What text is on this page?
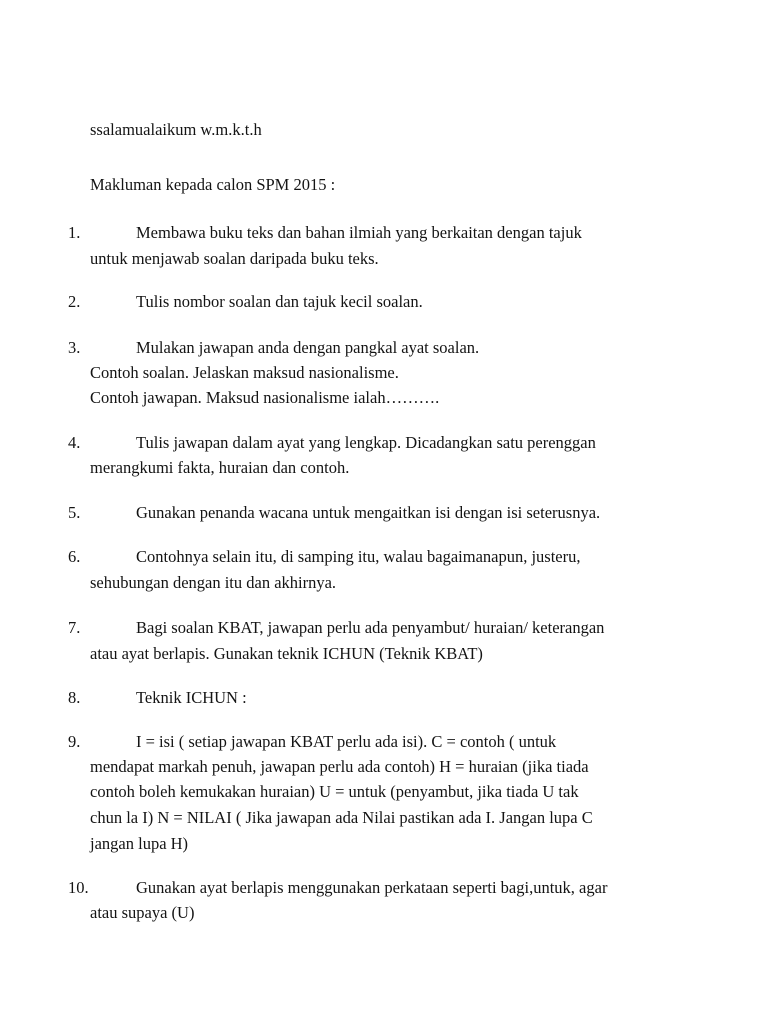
ssalamualaikum w.m.k.t.h
Makluman kepada calon SPM 2015 :
1.	Membawa buku teks dan bahan ilmiah yang berkaitan dengan tajuk
untuk menjawab soalan daripada buku teks.
2.	Tulis nombor soalan dan tajuk kecil soalan.
3.	Mulakan jawapan anda dengan pangkal ayat soalan.
Contoh soalan. Jelaskan maksud nasionalisme.
Contoh jawapan. Maksud nasionalisme ialah……….
4.	Tulis jawapan dalam ayat yang lengkap. Dicadangkan satu perenggan
merangkumi fakta, huraian dan contoh.
5.	Gunakan penanda wacana untuk mengaitkan isi dengan isi seterusnya.
6.	Contohnya selain itu, di samping itu, walau bagaimanapun, justeru,
sehubungan dengan itu dan akhirnya.
7.	Bagi soalan KBAT, jawapan perlu ada penyambut/ huraian/ keterangan
atau ayat berlapis. Gunakan teknik ICHUN (Teknik KBAT)
8.	Teknik ICHUN :
9.	I = isi ( setiap jawapan KBAT perlu ada isi). C = contoh ( untuk
mendapat markah penuh, jawapan perlu ada contoh) H = huraian (jika tiada
contoh boleh kemukakan huraian) U = untuk (penyambut, jika tiada U tak
chun la I) N = NILAI ( Jika jawapan ada Nilai pastikan ada I. Jangan lupa C
jangan lupa H)
10.	Gunakan ayat berlapis menggunakan perkataan seperti bagi,untuk, agar
atau supaya (U)
